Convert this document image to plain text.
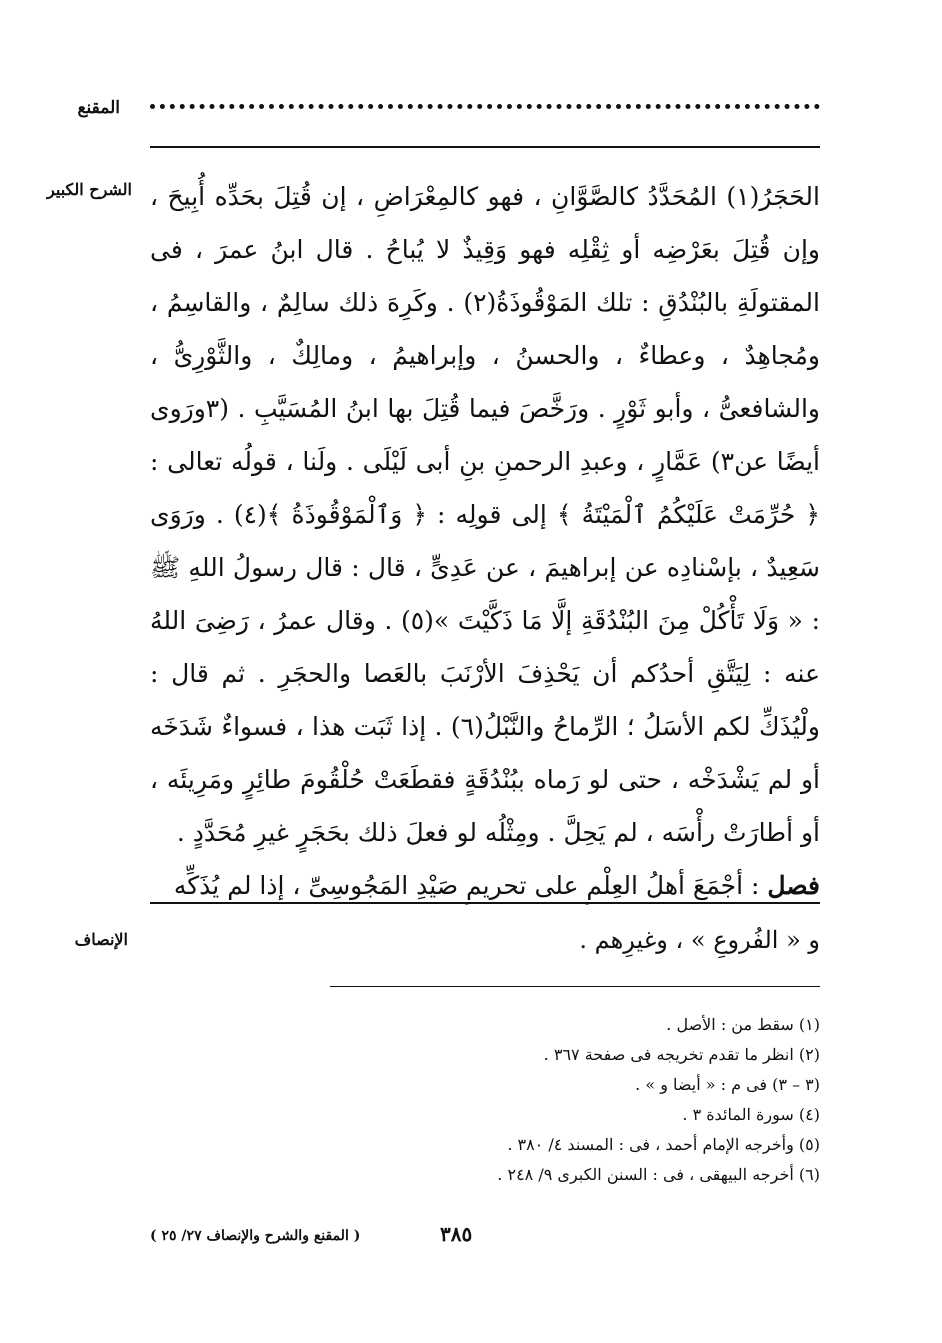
المقنع
الشرح الكبير الحَجَرُ(١) المُحَدَّدُ كالصَّوَّانِ ، فهو كالمِعْرَاضِ ، إن قُتِلَ بحَدِّه أُبِيحَ ، وإن قُتِلَ بعَرْضِه أو ثِقْلِه فهو وَقِيذٌ لا يُباحُ . قال ابنُ عمرَ ، فى المقتولَةِ بالبُنْدُقِ : تلك المَوْقُوذَةُ(٢) . وكَرِهَ ذلك سالِمٌ ، والقاسِمُ ، ومُجاهِدٌ ، وعطاءٌ ، والحسنُ ، وإبراهيمُ ، ومالِكٌ ، والثَّوْرِىُّ ، والشافعىُّ ، وأبو ثَوْرٍ . ورَخَّصَ فيما قُتِلَ بها ابنُ المُسَيَّبِ . (٣ورَوى أيضًا عن٣) عَمَّارٍ ، وعبدِ الرحمنِ بنِ أبى لَيْلَى . ولَنا ، قولُه تعالى : ﴿ حُرِّمَتْ عَلَيْكُمُ ٱلْمَيْتَةُ ﴾ إلى قولِه : ﴿ وَٱلْمَوْقُوذَةُ ﴾(٤) . ورَوَى سَعِيدٌ ، بإسْنادِه عن إبراهيمَ ، عن عَدِىٍّ ، قال : قال رسولُ اللهِ ﷺ : « وَلَا تَأْكُلْ مِنَ البُنْدُقَةِ إلَّا مَا ذَكَّيْتَ »(٥) . وقال عمرُ ، رَضِىَ اللهُ عنه : لِيَتَّقِ أحدُكم أن يَحْذِفَ الأرْنَبَ بالعَصا والحجَرِ . ثم قال : ولْيُذَكِّ لكم الأسَلُ ؛ الرِّماحُ والنَّبْلُ(٦) . إذا ثَبَت هذا ، فسواءٌ شَدَخَه أو لم يَشْدَخْه ، حتى لو رَماه ببُنْدُقَةٍ فقطَعَتْ حُلْقُومَ طائِرٍ ومَرِيئَه ، أو أطارَتْ رأْسَه ، لم يَحِلَّ . ومِثْلُه لو فعلَ ذلك بحَجَرٍ غيرِ مُحَدَّدٍ .

فصل : أجْمَعَ أهلُ العِلْمِ على تحريمِ صَيْدِ المَجُوسِىِّ ، إذا لم يُذَكِّه

الإنصاف	و « الفُروعِ » ، وغيرِهم .
(١) سقط من : الأصل .
(٢) انظر ما تقدم تخريجه فى صفحة ٣٦٧ .
(٣ – ٣) فى م : « أيضا و » .
(٤) سورة المائدة ٣ .
(٥) وأخرجه الإمام أحمد ، فى : المسند ٤/ ٣٨٠ .
(٦) أخرجه البيهقى ، فى : السنن الكبرى ٩/ ٢٤٨ .
٣٨٥
( المقنع والشرح والإنصاف ٢٧/ ٢٥ )
